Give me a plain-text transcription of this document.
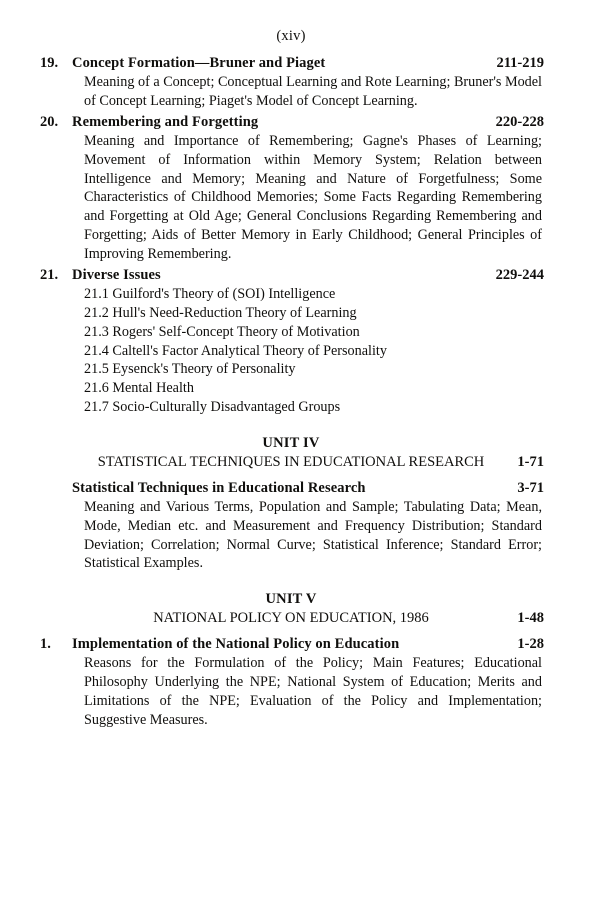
(xiv)
19. Concept Formation—Bruner and Piaget	211-219
Meaning of a Concept; Conceptual Learning and Rote Learning; Bruner's Model of Concept Learning; Piaget's Model of Concept Learning.
20. Remembering and Forgetting	220-228
Meaning and Importance of Remembering; Gagne's Phases of Learning; Movement of Information within Memory System; Relation between Intelligence and Memory; Meaning and Nature of Forgetfulness; Some Characteristics of Childhood Memories; Some Facts Regarding Remembering and Forgetting at Old Age; General Conclusions Regarding Remembering and Forgetting; Aids of Better Memory in Early Childhood; General Principles of Improving Remembering.
21. Diverse Issues	229-244
21.1 Guilford's Theory of (SOI) Intelligence
21.2 Hull's Need-Reduction Theory of Learning
21.3 Rogers' Self-Concept Theory of Motivation
21.4 Caltell's Factor Analytical Theory of Personality
21.5 Eysenck's Theory of Personality
21.6 Mental Health
21.7 Socio-Culturally Disadvantaged Groups
UNIT IV
STATISTICAL TECHNIQUES IN EDUCATIONAL RESEARCH	1-71
Statistical Techniques in Educational Research	3-71
Meaning and Various Terms, Population and Sample; Tabulating Data; Mean, Mode, Median etc. and Measurement and Frequency Distribution; Standard Deviation; Correlation; Normal Curve; Statistical Inference; Standard Error; Statistical Examples.
UNIT V
NATIONAL POLICY ON EDUCATION, 1986	1-48
1.	Implementation of the National Policy on Education	1-28
Reasons for the Formulation of the Policy; Main Features; Educational Philosophy Underlying the NPE; National System of Education; Merits and Limitations of the NPE; Evaluation of the Policy and Implementation; Suggestive Measures.
